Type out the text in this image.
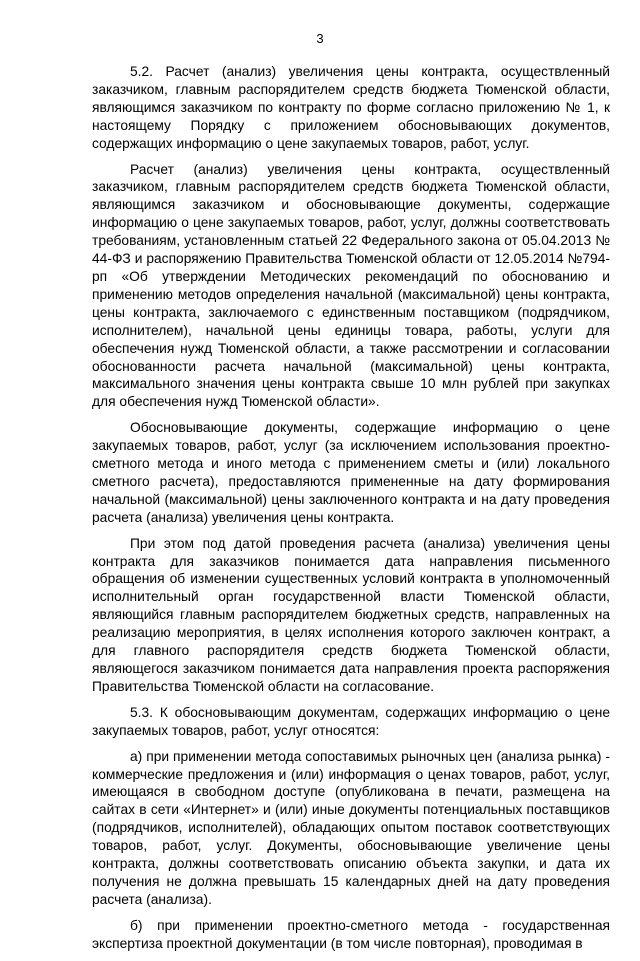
3

5.2. Расчет (анализ) увеличения цены контракта, осуществленный заказчиком, главным распорядителем средств бюджета Тюменской области, являющимся заказчиком по контракту по форме согласно приложению № 1, к настоящему Порядку с приложением обосновывающих документов, содержащих информацию о цене закупаемых товаров, работ, услуг.

Расчет (анализ) увеличения цены контракта, осуществленный заказчиком, главным распорядителем средств бюджета Тюменской области, являющимся заказчиком и обосновывающие документы, содержащие информацию о цене закупаемых товаров, работ, услуг, должны соответствовать требованиям, установленным статьей 22 Федерального закона от 05.04.2013 № 44-ФЗ и распоряжению Правительства Тюменской области от 12.05.2014 №794-рп «Об утверждении Методических рекомендаций по обоснованию и применению методов определения начальной (максимальной) цены контракта, цены контракта, заключаемого с единственным поставщиком (подрядчиком, исполнителем), начальной цены единицы товара, работы, услуги для обеспечения нужд Тюменской области, а также рассмотрении и согласовании обоснованности расчета начальной (максимальной) цены контракта, максимального значения цены контракта свыше 10 млн рублей при закупках для обеспечения нужд Тюменской области».

Обосновывающие документы, содержащие информацию о цене закупаемых товаров, работ, услуг (за исключением использования проектно-сметного метода и иного метода с применением сметы и (или) локального сметного расчета), предоставляются примененные на дату формирования начальной (максимальной) цены заключенного контракта и на дату проведения расчета (анализа) увеличения цены контракта.

При этом под датой проведения расчета (анализа) увеличения цены контракта для заказчиков понимается дата направления письменного обращения об изменении существенных условий контракта в уполномоченный исполнительный орган государственной власти Тюменской области, являющийся главным распорядителем бюджетных средств, направленных на реализацию мероприятия, в целях исполнения которого заключен контракт, а для главного распорядителя средств бюджета Тюменской области, являющегося заказчиком понимается дата направления проекта распоряжения Правительства Тюменской области на согласование.

5.3. К обосновывающим документам, содержащих информацию о цене закупаемых товаров, работ, услуг относятся:

а) при применении метода сопоставимых рыночных цен (анализа рынка) - коммерческие предложения и (или) информация о ценах товаров, работ, услуг, имеющаяся в свободном доступе (опубликована в печати, размещена на сайтах в сети «Интернет» и (или) иные документы потенциальных поставщиков (подрядчиков, исполнителей), обладающих опытом поставок соответствующих товаров, работ, услуг. Документы, обосновывающие увеличение цены контракта, должны соответствовать описанию объекта закупки, и дата их получения не должна превышать 15 календарных дней на дату проведения расчета (анализа).

б) при применении проектно-сметного метода - государственная экспертиза проектной документации (в том числе повторная), проводимая в
